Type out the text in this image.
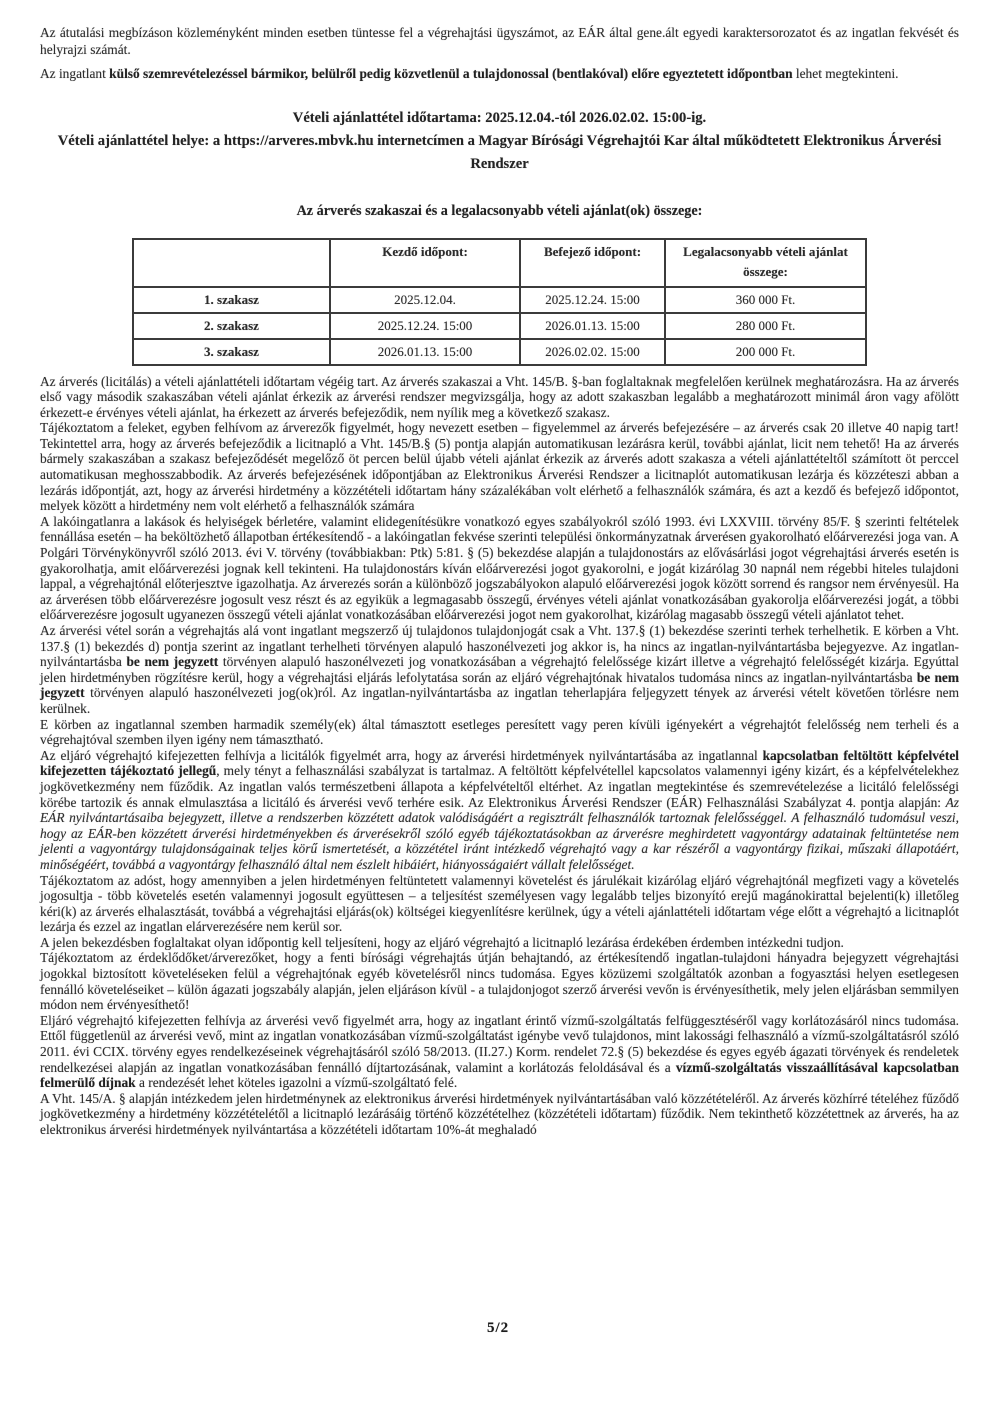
Az átutalási megbízáson közleményként minden esetben tüntesse fel a végrehajtási ügyszámot, az EÁR által gene.ált egyedi karaktersorozatot és az ingatlan fekvését és helyrajzi számát.

Az ingatlant külső szemrevételezéssel bármikor, belülről pedig közvetlenül a tulajdonossal (bentlakóval) előre egyeztetett időpontban lehet megtekinteni.

Vételi ajánlattétel időtartama: 2025.12.04.-tól 2026.02.02. 15:00-ig.
Vételi ajánlattétel helye: a https://arveres.mbvk.hu internetcímen a Magyar Bírósági Végrehajtói Kar által működtetett Elektronikus Árverési Rendszer
Az árverés szakaszai és a legalacsonyabb vételi ajánlat(ok) összege:
	Kezdő időpont:	Befejező időpont:	Legalacsonyabb vételi ajánlat összege:
1. szakasz	2025.12.04.	2025.12.24. 15:00	360 000 Ft.
2. szakasz	2025.12.24. 15:00	2026.01.13. 15:00	280 000 Ft.
3. szakasz	2026.01.13. 15:00	2026.02.02. 15:00	200 000 Ft.

Az árverés (licitálás) a vételi ajánlattételi időtartam végéig tart. Az árverés szakaszai a Vht. 145/B. §-ban foglaltaknak megfelelően kerülnek meghatározásra. Ha az árverés első vagy második szakaszában vételi ajánlat érkezik az árverési rendszer megvizsgálja, hogy az adott szakaszban legalább a meghatározott minimál áron vagy afölött érkezett-e érvényes vételi ajánlat, ha érkezett az árverés befejeződik, nem nyílik meg a következő szakasz.

Tájékoztatom a feleket, egyben felhívom az árverezők figyelmét, hogy nevezett esetben – figyelemmel az árverés befejezésére – az árverés csak 20 illetve 40 napig tart! Tekintettel arra, hogy az árverés befejeződik a licitnapló a Vht. 145/B.§ (5) pontja alapján automatikusan lezárásra kerül, további ajánlat, licit nem tehető! Ha az árverés bármely szakaszában a szakasz befejeződését megelőző öt percen belül újabb vételi ajánlat érkezik az árverés adott szakasza a vételi ajánlattételtől számított öt perccel automatikusan meghosszabbodik. Az árverés befejezésének időpontjában az Elektronikus Árverési Rendszer a licitnaplót automatikusan lezárja és közzéteszi abban a lezárás időpontját, azt, hogy az árverési hirdetmény a közzétételi időtartam hány százalékában volt elérhető a felhasználók számára, és azt a kezdő és befejező időpontot, melyek között a hirdetmény nem volt elérhető a felhasználók számára

A lakóingatlanra a lakások és helyiségek bérletére, valamint elidegenítésükre vonatkozó egyes szabályokról szóló 1993. évi LXXVIII. törvény 85/F. § szerinti feltételek fennállása esetén – ha beköltözhető állapotban értékesítendő - a lakóingatlan fekvése szerinti települési önkormányzatnak árverésen gyakorolható előárverezési joga van. A Polgári Törvénykönyvről szóló 2013. évi V. törvény (továbbiakban: Ptk) 5:81. § (5) bekezdése alapján a tulajdonostárs az elővásárlási jogot végrehajtási árverés esetén is gyakorolhatja, amit előárverezési jognak kell tekinteni. Ha tulajdonostárs kíván előárverezési jogot gyakorolni, e jogát kizárólag 30 napnál nem régebbi hiteles tulajdoni lappal, a végrehajtónál előterjesztve igazolhatja. Az árverezés során a különböző jogszabályokon alapuló előárverezési jogok között sorrend és rangsor nem érvényesül. Ha az árverésen több előárverezésre jogosult vesz részt és az egyikük a legmagasabb összegű, érvényes vételi ajánlat vonatkozásában gyakorolja előárverezési jogát, a többi előárverezésre jogosult ugyanezen összegű vételi ajánlat vonatkozásában előárverezési jogot nem gyakorolhat, kizárólag magasabb összegű vételi ajánlatot tehet.

Az árverési vétel során a végrehajtás alá vont ingatlant megszerző új tulajdonos tulajdonjogát csak a Vht. 137.§ (1) bekezdése szerinti terhek terhelhetik. E körben a Vht. 137.§ (1) bekezdés d) pontja szerint az ingatlant terhelheti törvényen alapuló haszonélvezeti jog akkor is, ha nincs az ingatlan-nyilvántartásba bejegyezve. Az ingatlan-nyilvántartásba be nem jegyzett törvényen alapuló haszonélvezeti jog vonatkozásában a végrehajtó felelőssége kizárt illetve a végrehajtó felelősségét kizárja. Egyúttal jelen hirdetményben rögzítésre kerül, hogy a végrehajtási eljárás lefolytatása során az eljáró végrehajtónak hivatalos tudomása nincs az ingatlan-nyilvántartásba be nem jegyzett törvényen alapuló haszonélvezeti jog(ok)ról. Az ingatlan-nyilvántartásba az ingatlan teherlapjára feljegyzett tények az árverési vételt követően törlésre nem kerülnek.

E körben az ingatlannal szemben harmadik személy(ek) által támasztott esetleges peresített vagy peren kívüli igényekért a végrehajtót felelősség nem terheli és a végrehajtóval szemben ilyen igény nem támasztható.

Az eljáró végrehajtó kifejezetten felhívja a licitálók figyelmét arra, hogy az árverési hirdetmények nyilvántartásába az ingatlannal kapcsolatban feltöltött képfelvétel kifejezetten tájékoztató jellegű, mely tényt a felhasználási szabályzat is tartalmaz. A feltöltött képfelvétellel kapcsolatos valamennyi igény kizárt, és a képfelvételekhez jogkövetkezmény nem fűződik. Az ingatlan valós természetbeni állapota a képfelvételtől eltérhet. Az ingatlan megtekintése és szemrevételezése a licitáló felelősségi körébe tartozik és annak elmulasztása a licitáló és árverési vevő terhére esik. Az Elektronikus Árverési Rendszer (EÁR) Felhasználási Szabályzat 4. pontja alapján: Az EÁR nyilvántartásaiba bejegyzett, illetve a rendszerben közzétett adatok valódiságáért a regisztrált felhasználók tartoznak felelősséggel. A felhasználó tudomásul veszi, hogy az EÁR-ben közzétett árverési hirdetményekben és árverésekről szóló egyéb tájékoztatásokban az árverésre meghirdetett vagyontárgy adatainak feltüntetése nem jelenti a vagyontárgy tulajdonságainak teljes körű ismertetését, a közzététel iránt intézkedő végrehajtó vagy a kar részéről a vagyontárgy fizikai, műszaki állapotáért, minőségéért, továbbá a vagyontárgy felhasználó által nem észlelt hibáiért, hiányosságaiért vállalt felelősséget.

Tájékoztatom az adóst, hogy amennyiben a jelen hirdetményen feltüntetett valamennyi követelést és járulékait kizárólag eljáró végrehajtónál megfizeti vagy a követelés jogosultja - több követelés esetén valamennyi jogosult együttesen – a teljesítést személyesen vagy legalább teljes bizonyító erejű magánokirattal bejelenti(k) illetőleg kéri(k) az árverés elhalasztását, továbbá a végrehajtási eljárás(ok) költségei kiegyenlítésre kerülnek, úgy a vételi ajánlattételi időtartam vége előtt a végrehajtó a licitnaplót lezárja és ezzel az ingatlan elárverezésére nem kerül sor.

A jelen bekezdésben foglaltakat olyan időpontig kell teljesíteni, hogy az eljáró végrehajtó a licitnapló lezárása érdekében érdemben intézkedni tudjon.

Tájékoztatom az érdeklődőket/árverezőket, hogy a fenti bírósági végrehajtás útján behajtandó, az értékesítendő ingatlan-tulajdoni hányadra bejegyzett végrehajtási jogokkal biztosított követeléseken felül a végrehajtónak egyéb követelésről nincs tudomása. Egyes közüzemi szolgáltatók azonban a fogyasztási helyen esetlegesen fennálló követeléseiket – külön ágazati jogszabály alapján, jelen eljáráson kívül - a tulajdonjogot szerző árverési vevőn is érvényesíthetik, mely jelen eljárásban semmilyen módon nem érvényesíthető!

Eljáró végrehajtó kifejezetten felhívja az árverési vevő figyelmét arra, hogy az ingatlant érintő vízmű-szolgáltatás felfüggesztéséről vagy korlátozásáról nincs tudomása. Ettől függetlenül az árverési vevő, mint az ingatlan vonatkozásában vízmű-szolgáltatást igénybe vevő tulajdonos, mint lakossági felhasználó a vízmű-szolgáltatásról szóló 2011. évi CCIX. törvény egyes rendelkezéseinek végrehajtásáról szóló 58/2013. (II.27.) Korm. rendelet 72.§ (5) bekezdése és egyes egyéb ágazati törvények és rendeletek rendelkezései alapján az ingatlan vonatkozásában fennálló díjtartozásának, valamint a korlátozás feloldásával és a vízmű-szolgáltatás visszaállításával kapcsolatban felmerülő díjnak a rendezését lehet köteles igazolni a vízmű-szolgáltató felé.

A Vht. 145/A. § alapján intézkedem jelen hirdetménynek az elektronikus árverési hirdetmények nyilvántartásában való közzétételéről. Az árverés közhírré tételéhez fűződő jogkövetkezmény a hirdetmény közzétételétől a licitnapló lezárásáig történő közzétételhez (közzétételi időtartam) fűződik. Nem tekinthető közzétettnek az árverés, ha az elektronikus árverési hirdetmények nyilvántartása a közzétételi időtartam 10%-át meghaladó

5/2
